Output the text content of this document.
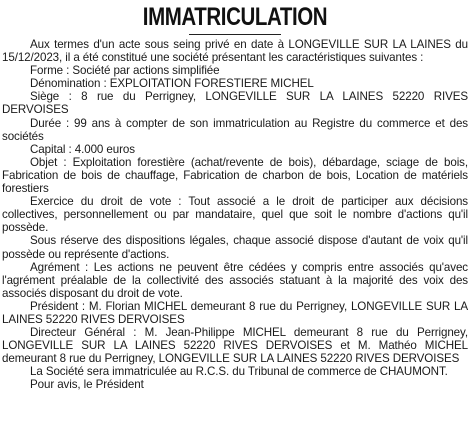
IMMATRICULATION

Aux termes d'un acte sous seing privé en date à LONGEVILLE SUR LA LAINES du 15/12/2023, il a été constitué une société présentant les caractéristiques suivantes :

Forme : Société par actions simplifiée

Dénomination : EXPLOITATION FORESTIERE MICHEL

Siège : 8 rue du Perrigney, LONGEVILLE SUR LA LAINES 52220 RIVES DERVOISES

Durée : 99 ans à compter de son immatriculation au Registre du commerce et des sociétés

Capital : 4.000 euros

Objet : Exploitation forestière (achat/revente de bois), débardage, sciage de bois, Fabrication de bois de chauffage, Fabrication de charbon de bois, Location de matériels forestiers

Exercice du droit de vote : Tout associé a le droit de participer aux décisions collectives, personnellement ou par mandataire, quel que soit le nombre d'actions qu'il possède.

Sous réserve des dispositions légales, chaque associé dispose d'autant de voix qu'il possède ou représente d'actions.

Agrément : Les actions ne peuvent être cédées y compris entre associés qu'avec l'agrément préalable de la collectivité des associés statuant à la majorité des voix des associés disposant du droit de vote.

Président : M. Florian MICHEL demeurant 8 rue du Perrigney, LONGEVILLE SUR LA LAINES 52220 RIVES DERVOISES

Directeur Général : M. Jean-Philippe MICHEL demeurant 8 rue du Perrigney, LONGEVILLE SUR LA LAINES 52220 RIVES DERVOISES et M. Mathéo MICHEL demeurant 8 rue du Perrigney, LONGEVILLE SUR LA LAINES 52220 RIVES DERVOISES

La Société sera immatriculée au R.C.S. du Tribunal de commerce de CHAUMONT.

Pour avis, le Président
